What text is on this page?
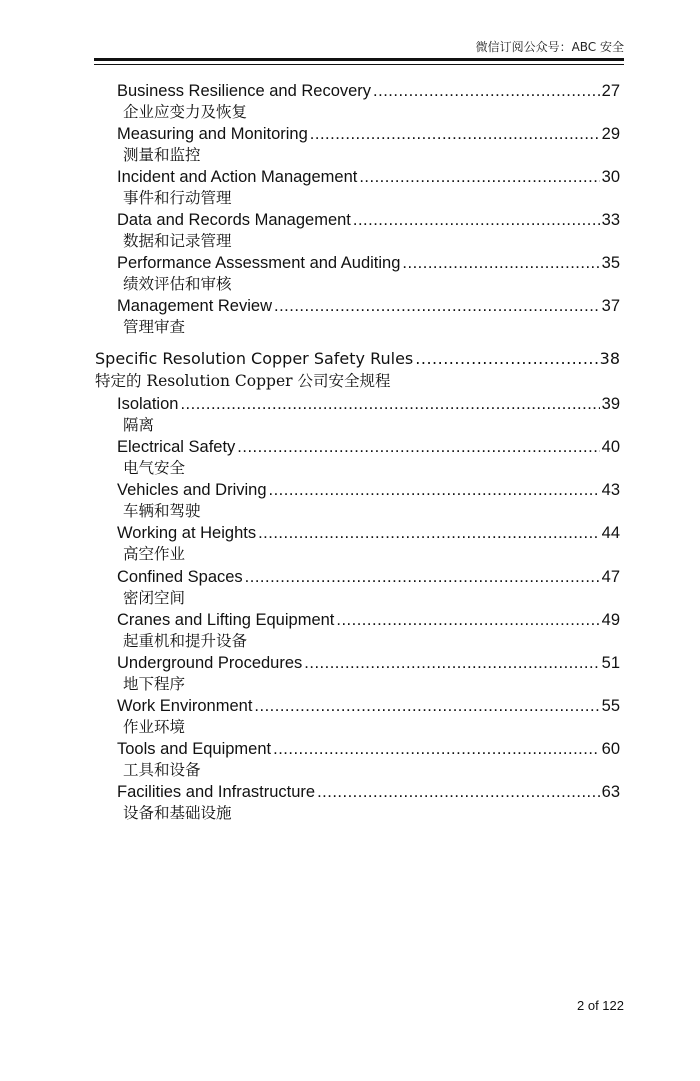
微信订阅公众号：ABC 安全
Business Resilience and Recovery .....	27
企业应变力及恢复
Measuring and Monitoring .....	29
测量和监控
Incident and Action Management .....	30
事件和行动管理
Data and Records Management .....	33
数据和记录管理
Performance Assessment and Auditing .....	35
绩效评估和审核
Management Review .....	37
管理审查
Specific Resolution Copper Safety Rules .....	38
特定的 Resolution Copper 公司安全规程
Isolation .....	39
隔离
Electrical Safety .....	40
电气安全
Vehicles and Driving .....	43
车辆和驾驶
Working at Heights .....	44
高空作业
Confined Spaces .....	47
密闭空间
Cranes and Lifting Equipment .....	49
起重机和提升设备
Underground Procedures .....	51
地下程序
Work Environment .....	55
作业环境
Tools and Equipment .....	60
工具和设备
Facilities and Infrastructure .....	63
设备和基础设施
2 of 122
